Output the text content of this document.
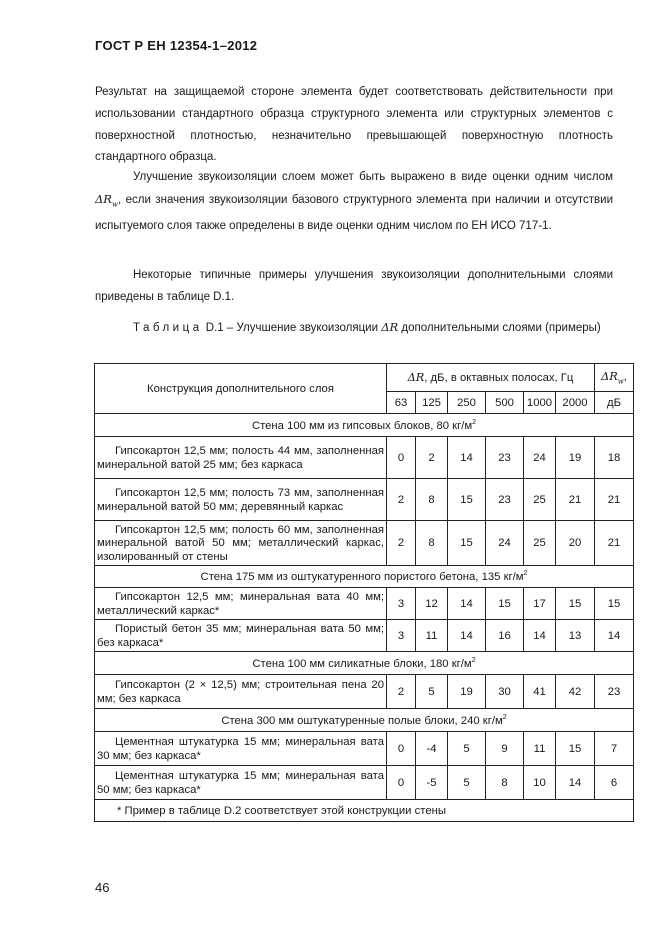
ГОСТ Р ЕН 12354-1–2012
Результат на защищаемой стороне элемента будет соответствовать действительности при использовании стандартного образца структурного элемента или структурных элементов с поверхностной плотностью, незначительно превышающей поверхностную плотность стандартного образца.
Улучшение звукоизоляции слоем может быть выражено в виде оценки одним числом $\Delta R_w$, если значения звукоизоляции базового структурного элемента при наличии и отсутствии испытуемого слоя также определены в виде оценки одним числом по ЕН ИСО 717-1.
Некоторые типичные примеры улучшения звукоизоляции дополнительными слоями приведены в таблице D.1.
Таблица D.1 – Улучшение звукоизоляции ΔR дополнительными слоями (примеры)
Конструкция дополнительного слоя	ΔR, дБ, в октавных полосах, Гц						$\Delta R_w$,
	63	125	250	500	1000	2000	дБ
Стена 100 мм из гипсовых блоков, 80 $кг/м^2$

Гипсокартон 12,5 мм; полость 44 мм, заполненная минеральной ватой 25 мм; без каркаса	0	2	14	23	24	19	18

Гипсокартон 12,5 мм; полость 73 мм, заполненная минеральной ватой 50 мм; деревянный каркас	2	8	15	23	25	21	21

Гипсокартон 12,5 мм; полость 60 мм, заполненная минеральной ватой 50 мм; металлический каркас, изолированный от стены	2	8	15	24	25	20	21
Стена 175 мм из оштукатуренного пористого бетона, 135 $кг/м^2$

Гипсокартон 12,5 мм; минеральная вата 40 мм; металлический каркас*	3	12	14	15	17	15	15

Пористый бетон 35 мм; минеральная вата 50 мм; без каркаса*	3	11	14	16	14	13	14
Стена 100 мм силикатные блоки, 180 $кг/м^2$

Гипсокартон (2 × 12,5) мм; строительная пена 20 мм; без каркаса	2	5	19	30	41	42	23
Стена 300 мм оштукатуренные полые блоки, 240 $кг/м^2$

Цементная штукатурка 15 мм; минеральная вата 30 мм; без каркаса*	0	-4	5	9	11	15	7

Цементная штукатурка 15 мм; минеральная вата 50 мм; без каркаса*	0	-5	5	8	10	14	6
* Пример в таблице D.2 соответствует этой конструкции стены							
46
